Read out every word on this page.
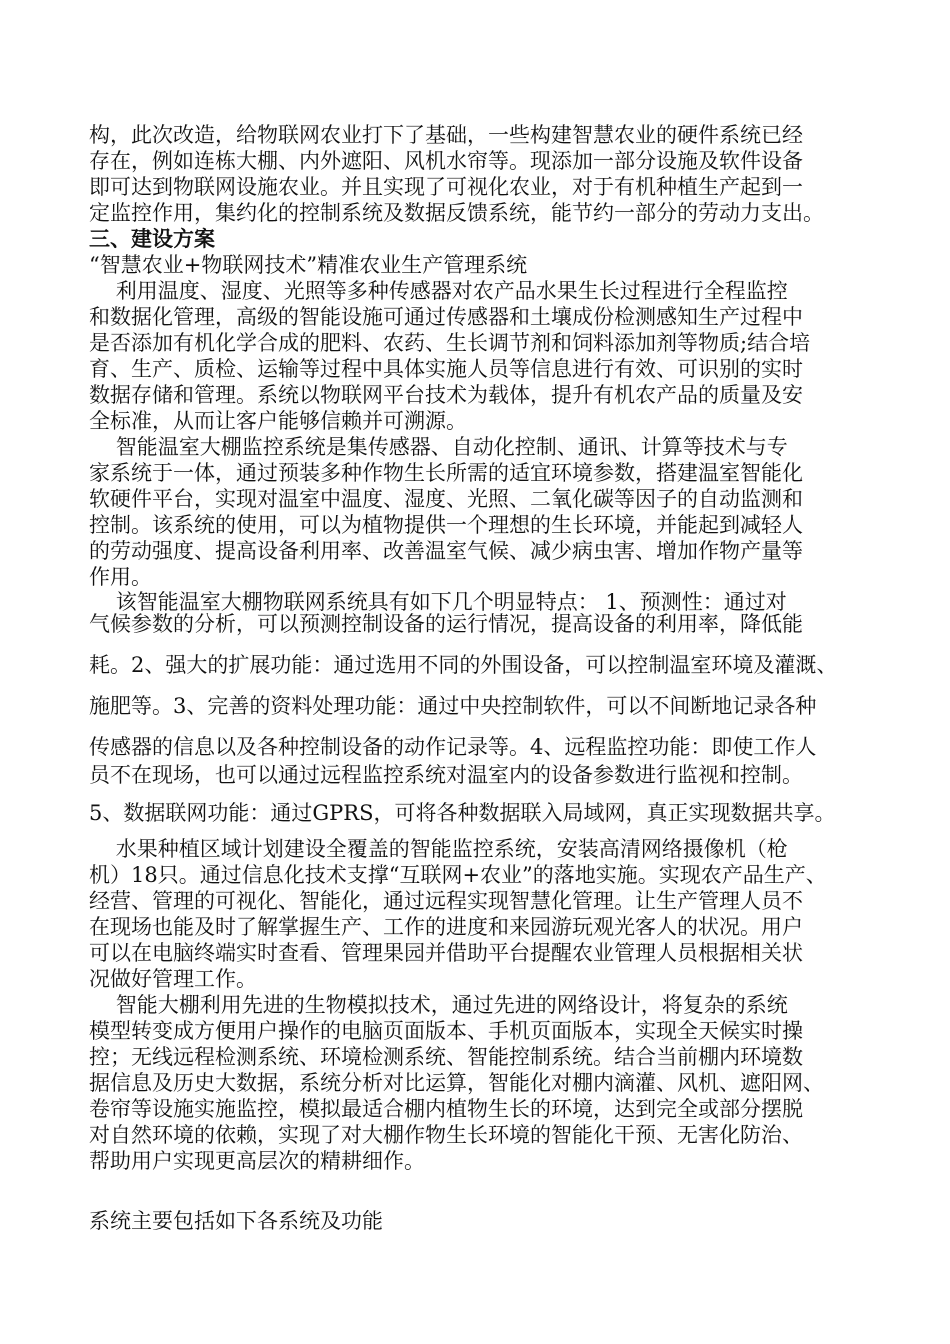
构，此次改造，给物联网农业打下了基础，一些构建智慧农业的硬件系统已经
存在，例如连栋大棚、内外遮阳、风机水帘等。现添加一部分设施及软件设备
即可达到物联网设施农业。并且实现了可视化农业，对于有机种植生产起到一
定监控作用，集约化的控制系统及数据反馈系统，能节约一部分的劳动力支出。
三、建设方案
“智慧农业+物联网技术”精准农业生产管理系统
利用温度、湿度、光照等多种传感器对农产品水果生长过程进行全程监控
和数据化管理，高级的智能设施可通过传感器和土壤成份检测感知生产过程中
是否添加有机化学合成的肥料、农药、生长调节剂和饲料添加剂等物质;结合培
育、生产、质检、运输等过程中具体实施人员等信息进行有效、可识别的实时
数据存储和管理。系统以物联网平台技术为载体，提升有机农产品的质量及安
全标准，从而让客户能够信赖并可溯源。
智能温室大棚监控系统是集传感器、自动化控制、通讯、计算等技术与专
家系统于一体，通过预装多种作物生长所需的适宜环境参数，搭建温室智能化
软硬件平台，实现对温室中温度、湿度、光照、二氧化碳等因子的自动监测和
控制。该系统的使用，可以为植物提供一个理想的生长环境，并能起到减轻人
的劳动强度、提高设备利用率、改善温室气候、减少病虫害、增加作物产量等
作用。
该智能温室大棚物联网系统具有如下几个明显特点： 1、预测性：通过对
气候参数的分析，可以预测控制设备的运行情况，提高设备的利用率，降低能
耗。2、强大的扩展功能：通过选用不同的外围设备，可以控制温室环境及灌溉、
施肥等。3、完善的资料处理功能：通过中央控制软件，可以不间断地记录各种
传感器的信息以及各种控制设备的动作记录等。4、远程监控功能：即使工作人
员不在现场，也可以通过远程监控系统对温室内的设备参数进行监视和控制。
5、数据联网功能：通过GPRS，可将各种数据联入局域网，真正实现数据共享。
水果种植区域计划建设全覆盖的智能监控系统，安装高清网络摄像机（枪
机）18只。通过信息化技术支撑“互联网+农业”的落地实施。实现农产品生产、
经营、管理的可视化、智能化，通过远程实现智慧化管理。让生产管理人员不
在现场也能及时了解掌握生产、工作的进度和来园游玩观光客人的状况。用户
可以在电脑终端实时查看、管理果园并借助平台提醒农业管理人员根据相关状
况做好管理工作。
智能大棚利用先进的生物模拟技术，通过先进的网络设计，将复杂的系统
模型转变成方便用户操作的电脑页面版本、手机页面版本，实现全天候实时操
控；无线远程检测系统、环境检测系统、智能控制系统。结合当前棚内环境数
据信息及历史大数据，系统分析对比运算，智能化对棚内滴灌、风机、遮阳网、
卷帘等设施实施监控，模拟最适合棚内植物生长的环境，达到完全或部分摆脱
对自然环境的依赖，实现了对大棚作物生长环境的智能化干预、无害化防治、
帮助用户实现更高层次的精耕细作。
系统主要包括如下各系统及功能
